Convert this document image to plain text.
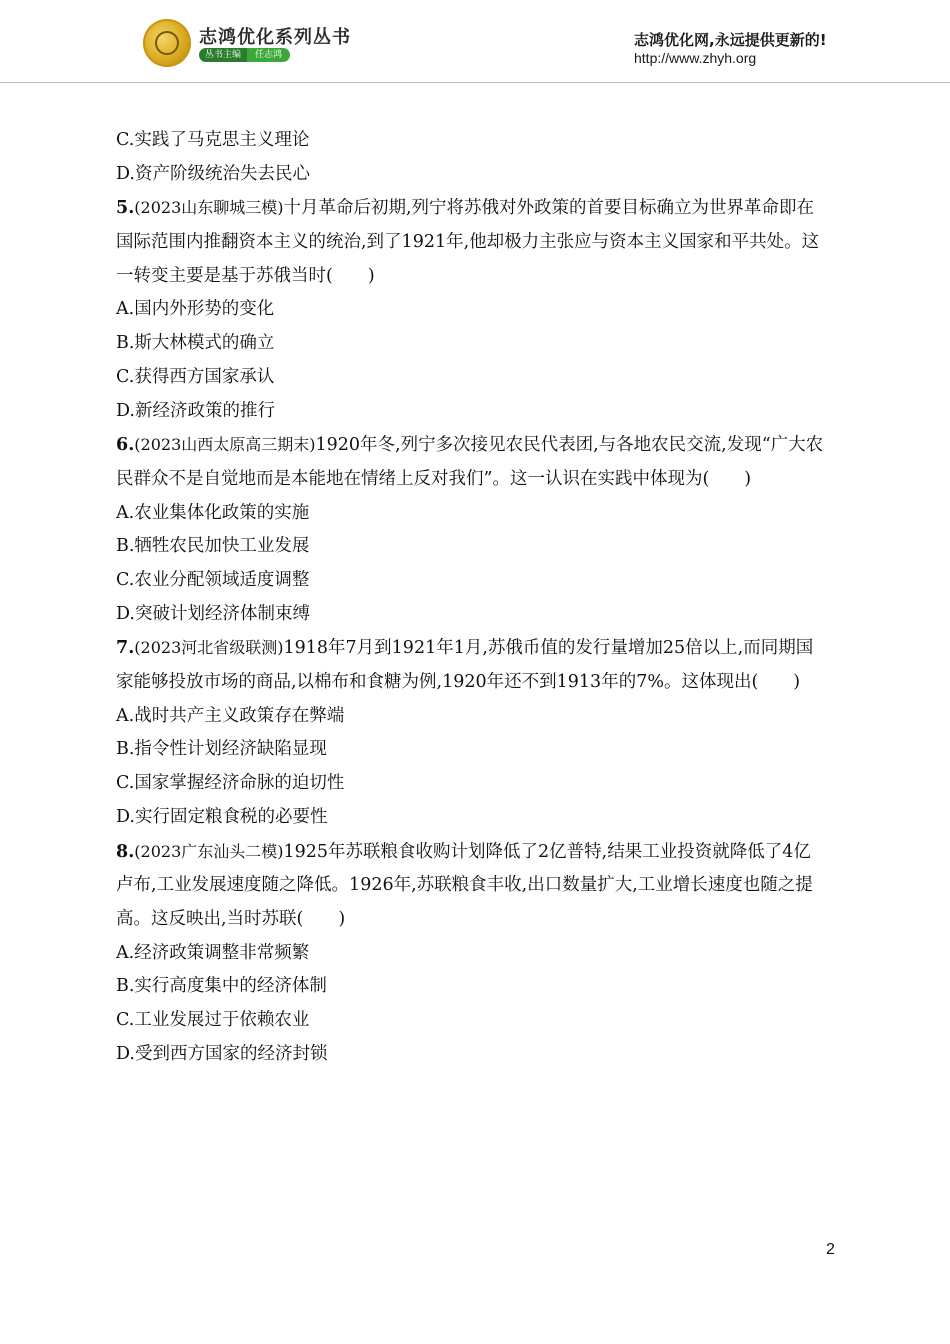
志鸿优化系列丛书
丛书主编	任志鸿
志鸿优化网,永远提供更新的!
http://www.zhyh.org
C.实践了马克思主义理论
D.资产阶级统治失去民心
5.(2023山东聊城三模)十月革命后初期,列宁将苏俄对外政策的首要目标确立为世界革命即在国际范围内推翻资本主义的统治,到了1921年,他却极力主张应与资本主义国家和平共处。这一转变主要是基于苏俄当时(　　)
A.国内外形势的变化
B.斯大林模式的确立
C.获得西方国家承认
D.新经济政策的推行
6.(2023山西太原高三期末)1920年冬,列宁多次接见农民代表团,与各地农民交流,发现“广大农民群众不是自觉地而是本能地在情绪上反对我们”。这一认识在实践中体现为(　　)
A.农业集体化政策的实施
B.牺牲农民加快工业发展
C.农业分配领域适度调整
D.突破计划经济体制束缚
7.(2023河北省级联测)1918年7月到1921年1月,苏俄币值的发行量增加25倍以上,而同期国家能够投放市场的商品,以棉布和食糖为例,1920年还不到1913年的7%。这体现出(　　)
A.战时共产主义政策存在弊端
B.指令性计划经济缺陷显现
C.国家掌握经济命脉的迫切性
D.实行固定粮食税的必要性
8.(2023广东汕头二模)1925年苏联粮食收购计划降低了2亿普特,结果工业投资就降低了4亿卢布,工业发展速度随之降低。1926年,苏联粮食丰收,出口数量扩大,工业增长速度也随之提高。这反映出,当时苏联(　　)
A.经济政策调整非常频繁
B.实行高度集中的经济体制
C.工业发展过于依赖农业
D.受到西方国家的经济封锁
2
